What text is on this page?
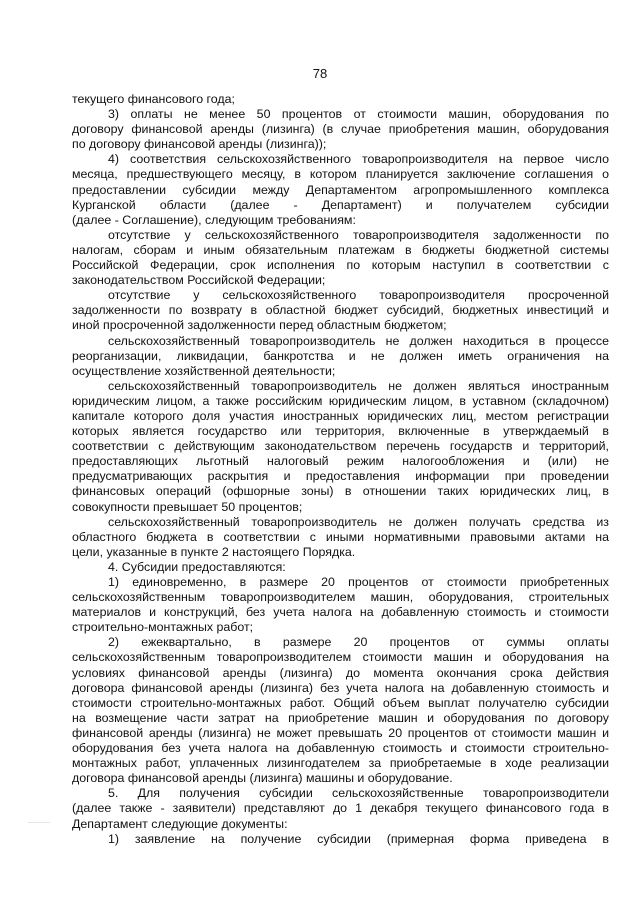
78
текущего финансового года;
3) оплаты не менее 50 процентов от стоимости машин, оборудования по
договору финансовой аренды (лизинга) (в случае приобретения машин, оборудования
по договору финансовой аренды (лизинга));
4) соответствия сельскохозяйственного товаропроизводителя на первое число
месяца, предшествующего месяцу, в котором планируется заключение соглашения о
предоставлении субсидии между Департаментом агропромышленного комплекса
Курганской области (далее - Департамент) и получателем субсидии
(далее - Соглашение), следующим требованиям:
отсутствие у сельскохозяйственного товаропроизводителя задолженности по
налогам, сборам и иным обязательным платежам в бюджеты бюджетной системы
Российской Федерации, срок исполнения по которым наступил в соответствии с
законодательством Российской Федерации;
отсутствие у сельскохозяйственного товаропроизводителя просроченной
задолженности по возврату в областной бюджет субсидий, бюджетных инвестиций и
иной просроченной задолженности перед областным бюджетом;
сельскохозяйственный товаропроизводитель не должен находиться в процессе
реорганизации, ликвидации, банкротства и не должен иметь ограничения на
осуществление хозяйственной деятельности;
сельскохозяйственный товаропроизводитель не должен являться иностранным
юридическим лицом, а также российским юридическим лицом, в уставном (складочном)
капитале которого доля участия иностранных юридических лиц, местом регистрации
которых является государство или территория, включенные в утверждаемый в
соответствии с действующим законодательством перечень государств и территорий,
предоставляющих льготный налоговый режим налогообложения и (или) не
предусматривающих раскрытия и предоставления информации при проведении
финансовых операций (офшорные зоны) в отношении таких юридических лиц, в
совокупности превышает 50 процентов;
сельскохозяйственный товаропроизводитель не должен получать средства из
областного бюджета в соответствии с иными нормативными правовыми актами на
цели, указанные в пункте 2 настоящего Порядка.
4. Субсидии предоставляются:
1) единовременно, в размере 20 процентов от стоимости приобретенных
сельскохозяйственным товаропроизводителем машин, оборудования, строительных
материалов и конструкций, без учета налога на добавленную стоимость и стоимости
строительно-монтажных работ;
2) ежеквартально, в размере 20 процентов от суммы оплаты
сельскохозяйственным товаропроизводителем стоимости машин и оборудования на
условиях финансовой аренды (лизинга) до момента окончания срока действия
договора финансовой аренды (лизинга) без учета налога на добавленную стоимость и
стоимости строительно-монтажных работ. Общий объем выплат получателю субсидии
на возмещение части затрат на приобретение машин и оборудования по договору
финансовой аренды (лизинга) не может превышать 20 процентов от стоимости машин и
оборудования без учета налога на добавленную стоимость и стоимости строительно-
монтажных работ, уплаченных лизингодателем за приобретаемые в ходе реализации
договора финансовой аренды (лизинга) машины и оборудование.
5. Для получения субсидии сельскохозяйственные товаропроизводители
(далее также - заявители) представляют до 1 декабря текущего финансового года в
Департамент следующие документы:
1) заявление на получение субсидии (примерная форма приведена в
